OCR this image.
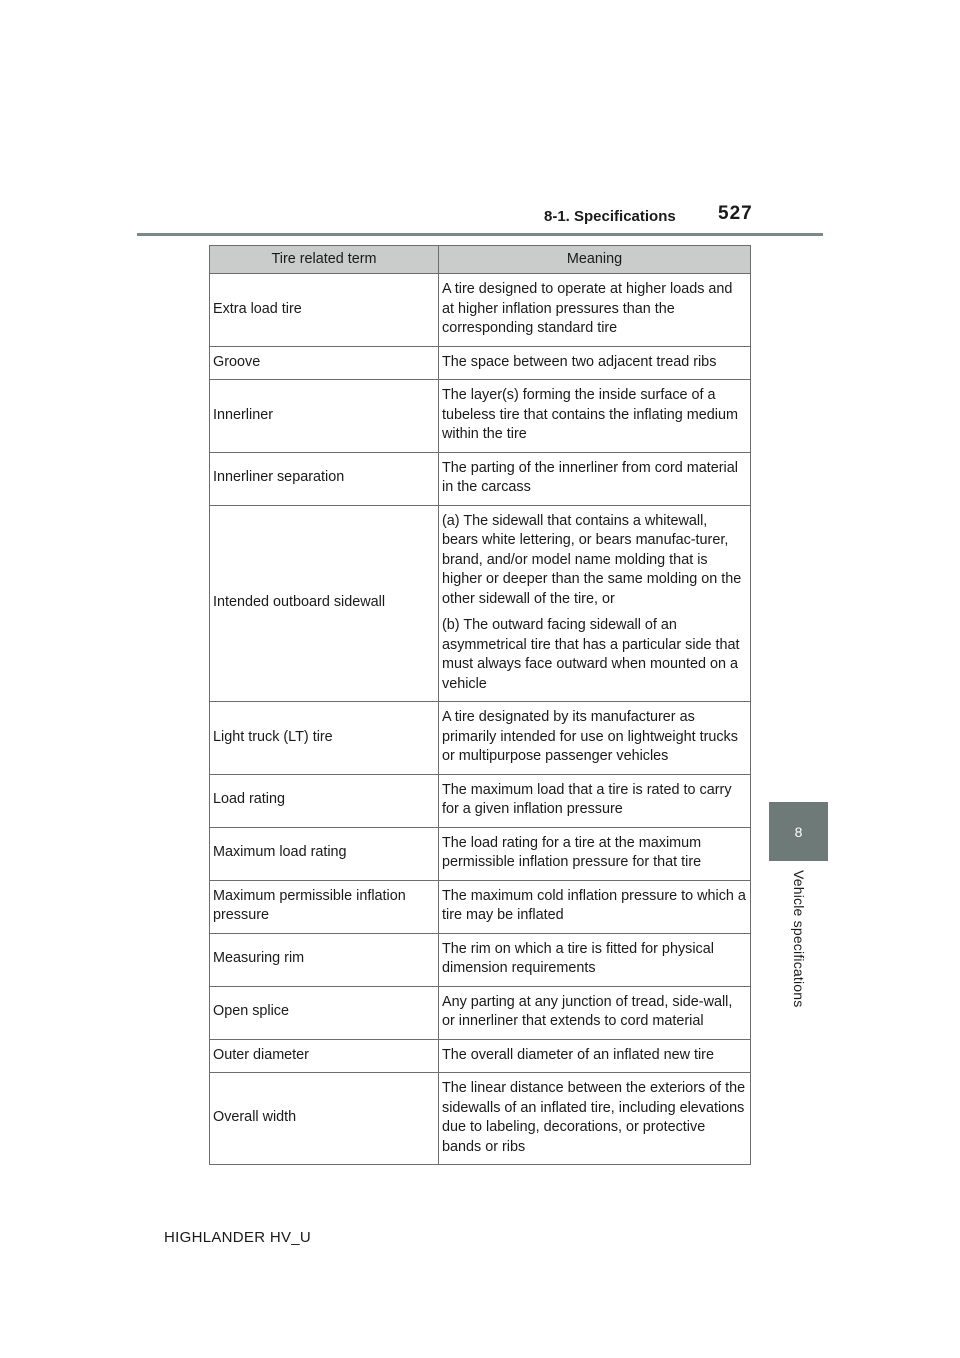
8-1. Specifications 527
8
Vehicle specifications
Tire related term	Meaning
Extra load tire	A tire designed to operate at higher loads and at higher inflation pressures than the corresponding standard tire

Groove	The space between two adjacent tread ribs

Innerliner	The layer(s) forming the inside surface of a tubeless tire that contains the inflating medium within the tire

Innerliner separation	The parting of the innerliner from cord material in the carcass

Intended outboard sidewall	(a) The sidewall that contains a whitewall, bears white lettering, or bears manufac-turer, brand, and/or model name molding that is higher or deeper than the same molding on the other sidewall of the tire, or
(b) The outward facing sidewall of an asymmetrical tire that has a particular side that must always face outward when mounted on a vehicle

Light truck (LT) tire	A tire designated by its manufacturer as primarily intended for use on lightweight trucks or multipurpose passenger vehicles

Load rating	The maximum load that a tire is rated to carry for a given inflation pressure

Maximum load rating	The load rating for a tire at the maximum permissible inflation pressure for that tire

Maximum permissible inflation pressure	The maximum cold inflation pressure to which a tire may be inflated

Measuring rim	The rim on which a tire is fitted for physical dimension requirements

Open splice	Any parting at any junction of tread, side-wall, or innerliner that extends to cord material

Outer diameter	The overall diameter of an inflated new tire

Overall width	The linear distance between the exteriors of the sidewalls of an inflated tire, including elevations due to labeling, decorations, or protective bands or ribs
HIGHLANDER HV_U
